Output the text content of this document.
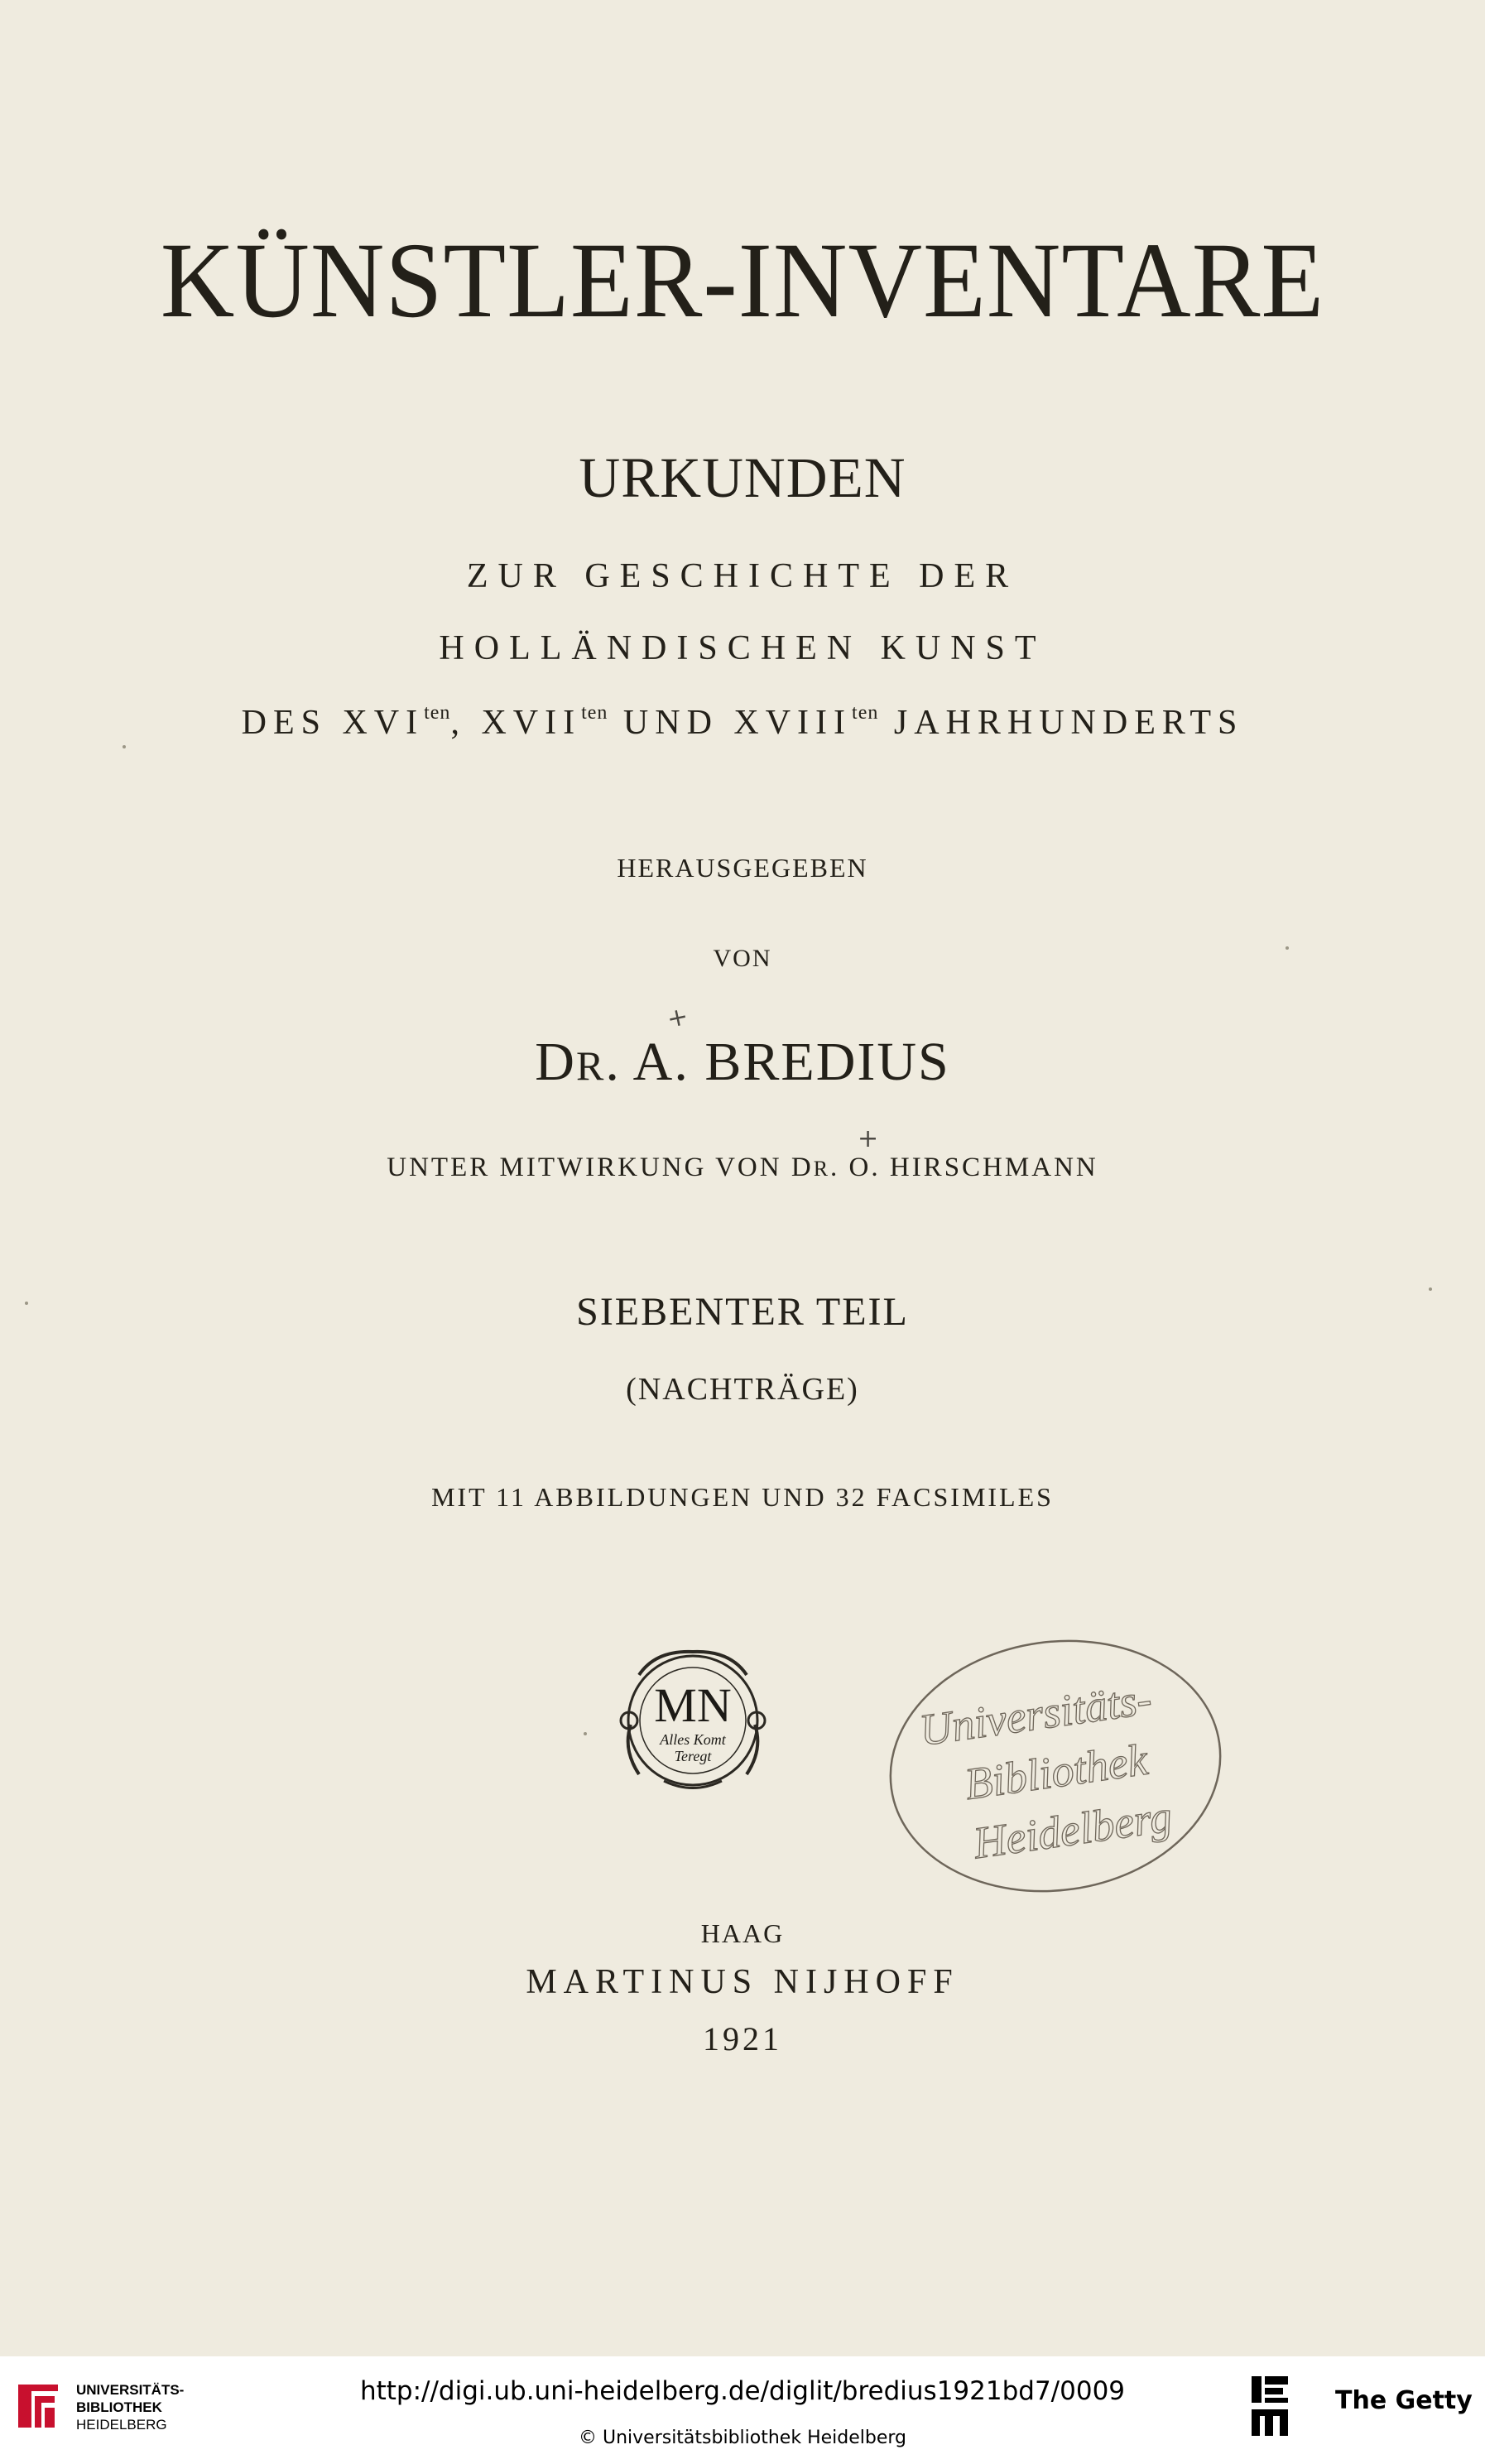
KÜNSTLER-INVENTARE

URKUNDEN

ZUR GESCHICHTE DER

HOLLÄNDISCHEN KUNST

DES $XVI^{ten}$, $XVII^{ten}$ UND $XVIII^{ten}$ JAHRHUNDERTS

HERAUSGEGEBEN

VON

DR. A. BREDIUS

+

UNTER MITWIRKUNG VON DR. O. HIRSCHMANN

+

SIEBENTER TEIL

(NACHTRÄGE)

MIT 11 ABBILDUNGEN UND 32 FACSIMILES

MN
Alles Komt
Teregt
Universitäts-
Bibliothek
Heidelberg

HAAG

MARTINUS NIJHOFF

1921

UNIVERSITÄTS-
BIBLIOTHEK
HEIDELBERG
http://digi.ub.uni-heidelberg.de/diglit/bredius1921bd7/0009
© Universitätsbibliothek Heidelberg
The Getty
